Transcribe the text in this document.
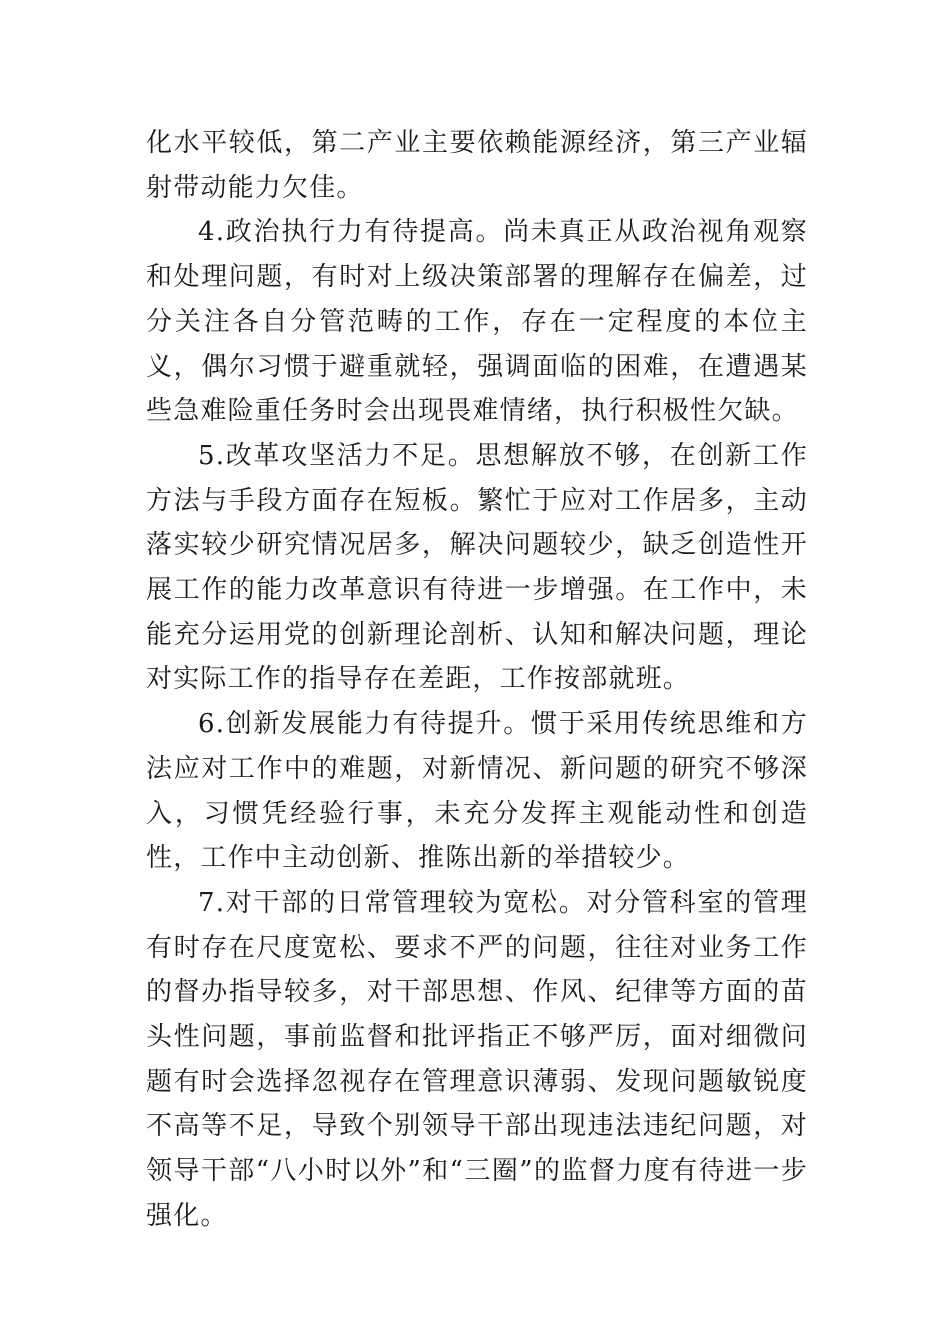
化水平较低，第二产业主要依赖能源经济，第三产业辐射带动能力欠佳。

4.政治执行力有待提高。尚未真正从政治视角观察和处理问题，有时对上级决策部署的理解存在偏差，过分关注各自分管范畴的工作，存在一定程度的本位主义，偶尔习惯于避重就轻，强调面临的困难，在遭遇某些急难险重任务时会出现畏难情绪，执行积极性欠缺。

5.改革攻坚活力不足。思想解放不够，在创新工作方法与手段方面存在短板。繁忙于应对工作居多，主动落实较少研究情况居多，解决问题较少，缺乏创造性开展工作的能力改革意识有待进一步增强。在工作中，未能充分运用党的创新理论剖析、认知和解决问题，理论对实际工作的指导存在差距，工作按部就班。

6.创新发展能力有待提升。惯于采用传统思维和方法应对工作中的难题，对新情况、新问题的研究不够深入，习惯凭经验行事，未充分发挥主观能动性和创造性，工作中主动创新、推陈出新的举措较少。

7.对干部的日常管理较为宽松。对分管科室的管理有时存在尺度宽松、要求不严的问题，往往对业务工作的督办指导较多，对干部思想、作风、纪律等方面的苗头性问题，事前监督和批评指正不够严厉，面对细微问题有时会选择忽视存在管理意识薄弱、发现问题敏锐度不高等不足，导致个别领导干部出现违法违纪问题，对领导干部“八小时以外”和“三圈”的监督力度有待进一步强化。
